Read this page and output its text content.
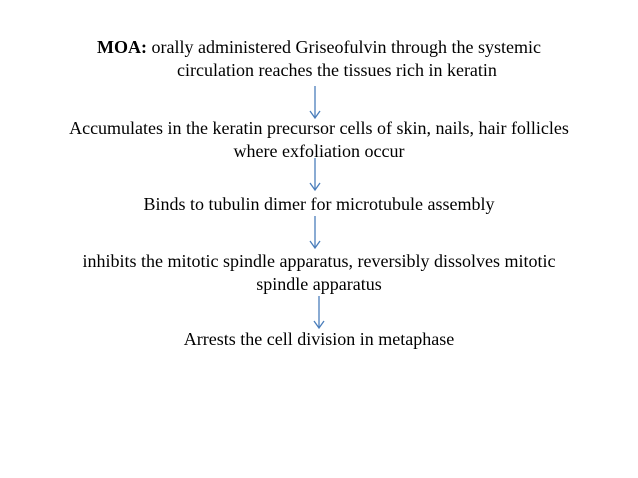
MOA: orally administered Griseofulvin through the systemic
circulation reaches the tissues rich in keratin
Accumulates in the keratin precursor cells of skin, nails, hair follicles
where exfoliation occur
Binds to tubulin dimer for microtubule assembly
inhibits the mitotic spindle apparatus, reversibly dissolves mitotic
spindle apparatus
Arrests the cell division in metaphase
